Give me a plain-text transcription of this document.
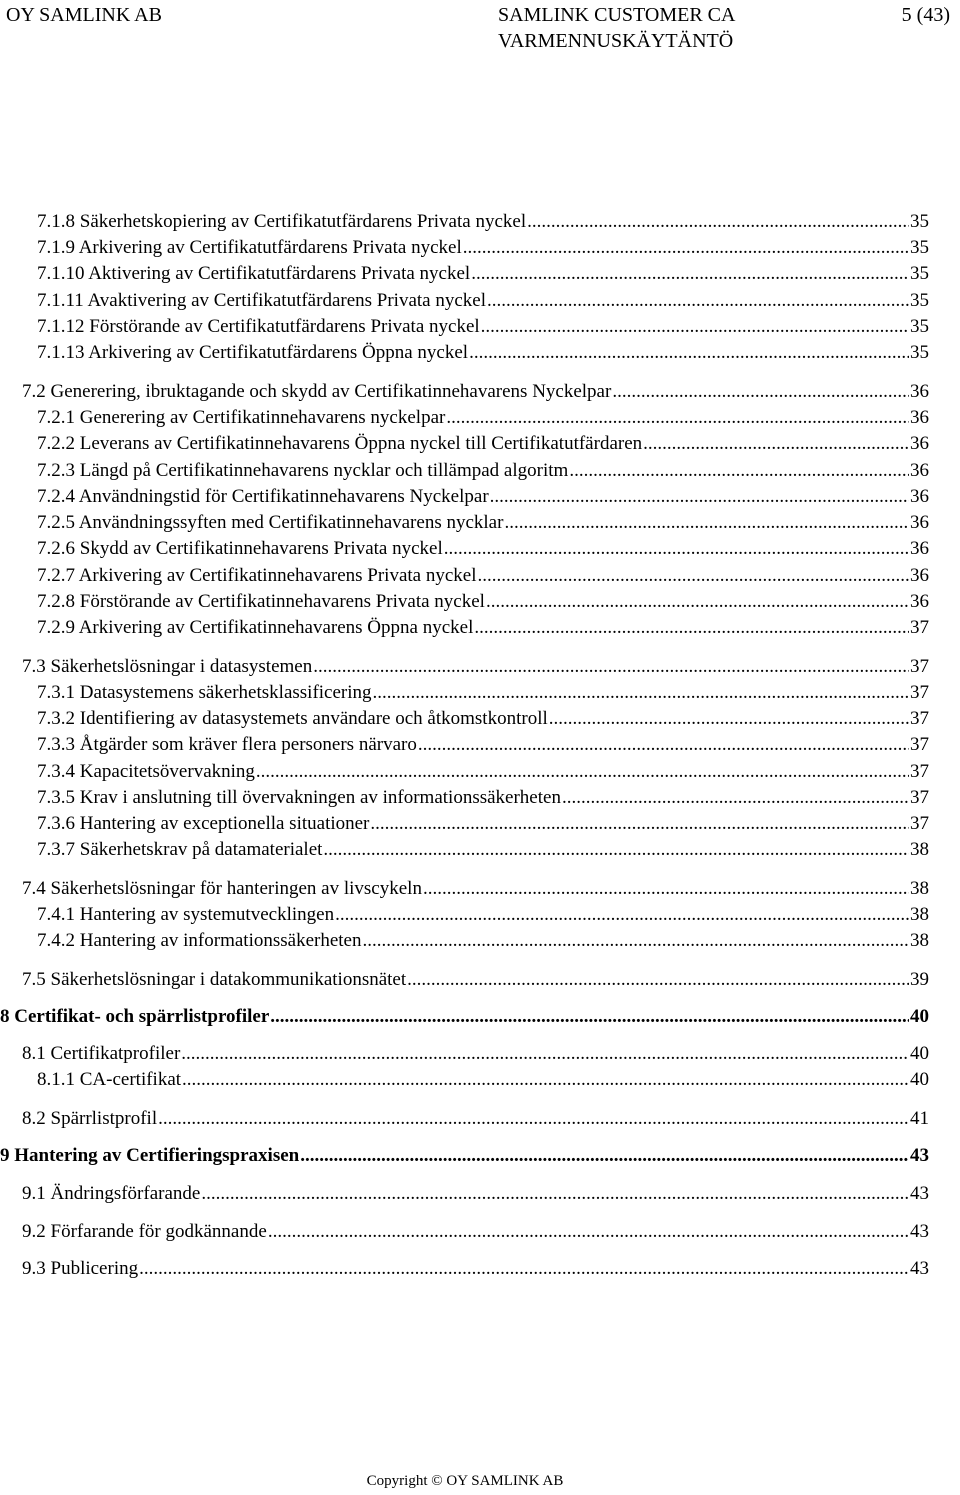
OY SAMLINK AB	SAMLINK CUSTOMER CA
VARMENNUSKÄYTÄNTÖ
5 (43)
7.1.8 Säkerhetskopiering av Certifikatutfärdarens Privata nyckel .....	35
7.1.9 Arkivering av Certifikatutfärdarens Privata nyckel .....	35
7.1.10 Aktivering av Certifikatutfärdarens Privata nyckel .....	35
7.1.11 Avaktivering av Certifikatutfärdarens Privata nyckel .....	35
7.1.12 Förstörande av Certifikatutfärdarens Privata nyckel .....	35
7.1.13 Arkivering av Certifikatutfärdarens Öppna nyckel .....	35
7.2 Generering, ibruktagande och skydd av Certifikatinnehavarens Nyckelpar .....	36
7.2.1 Generering av Certifikatinnehavarens nyckelpar .....	36
7.2.2 Leverans av Certifikatinnehavarens Öppna nyckel till Certifikatutfärdaren .....	36
7.2.3 Längd på Certifikatinnehavarens nycklar och tillämpad algoritm .....	36
7.2.4 Användningstid för Certifikatinnehavarens Nyckelpar .....	36
7.2.5 Användningssyften med Certifikatinnehavarens nycklar .....	36
7.2.6 Skydd av Certifikatinnehavarens Privata nyckel .....	36
7.2.7 Arkivering av Certifikatinnehavarens Privata nyckel .....	36
7.2.8 Förstörande av Certifikatinnehavarens Privata nyckel .....	36
7.2.9 Arkivering av Certifikatinnehavarens Öppna nyckel .....	37
7.3 Säkerhetslösningar i datasystemen .....	37
7.3.1 Datasystemens säkerhetsklassificering .....	37
7.3.2 Identifiering av datasystemets användare och åtkomstkontroll .....	37
7.3.3 Åtgärder som kräver flera personers närvaro .....	37
7.3.4 Kapacitetsövervakning .....	37
7.3.5 Krav i anslutning till övervakningen av informationssäkerheten .....	37
7.3.6 Hantering av exceptionella situationer .....	37
7.3.7 Säkerhetskrav på datamaterialet .....	38
7.4 Säkerhetslösningar för hanteringen av livscykeln .....	38
7.4.1 Hantering av systemutvecklingen .....	38
7.4.2 Hantering av informationssäkerheten .....	38
7.5 Säkerhetslösningar i datakommunikationsnätet .....	39
8 Certifikat- och spärrlistprofiler .....	40
8.1 Certifikatprofiler .....	40
8.1.1 CA-certifikat .....	40
8.2 Spärrlistprofil .....	41
9 Hantering av Certifieringspraxisen .....	43
9.1 Ändringsförfarande .....	43
9.2 Förfarande för godkännande .....	43
9.3 Publicering .....	43
Copyright © OY SAMLINK AB
